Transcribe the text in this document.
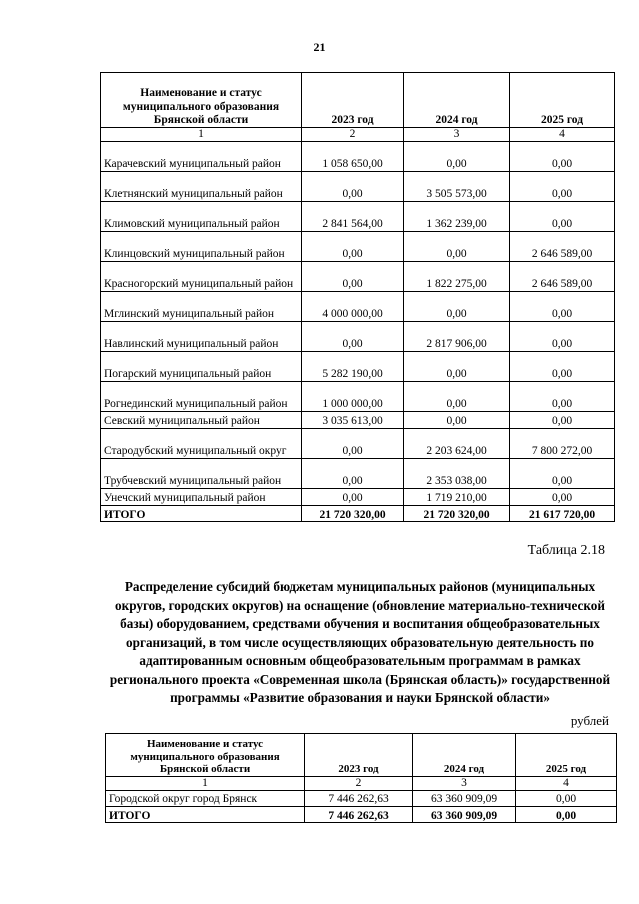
21
Наименование и статус муниципального образования Брянской области	2023 год	2024 год	2025 год
1	2	3	4
Карачевский муниципальный район	1 058 650,00	0,00	0,00
Клетнянский муниципальный район	0,00	3 505 573,00	0,00
Климовский муниципальный район	2 841 564,00	1 362 239,00	0,00
Клинцовский муниципальный район	0,00	0,00	2 646 589,00
Красногорский муниципальный район	0,00	1 822 275,00	2 646 589,00
Мглинский муниципальный район	4 000 000,00	0,00	0,00
Навлинский муниципальный район	0,00	2 817 906,00	0,00
Погарский муниципальный район	5 282 190,00	0,00	0,00
Рогнединский муниципальный район	1 000 000,00	0,00	0,00
Севский муниципальный район	3 035 613,00	0,00	0,00
Стародубский муниципальный округ	0,00	2 203 624,00	7 800 272,00
Трубчевский муниципальный район	0,00	2 353 038,00	0,00
Унечский муниципальный район	0,00	1 719 210,00	0,00
ИТОГО	21 720 320,00	21 720 320,00	21 617 720,00
Таблица 2.18
Распределение субсидий бюджетам муниципальных районов (муниципальных округов, городских округов) на оснащение (обновление материально-технической базы) оборудованием, средствами обучения и воспитания общеобразовательных организаций, в том числе осуществляющих образовательную деятельность по адаптированным основным общеобразовательным программам в рамках регионального проекта «Современная школа (Брянская область)» государственной программы «Развитие образования и науки Брянской области»
рублей
Наименование и статус муниципального образования Брянской области	2023 год	2024 год	2025 год
1	2	3	4
Городской округ город Брянск	7 446 262,63	63 360 909,09	0,00
ИТОГО	7 446 262,63	63 360 909,09	0,00
